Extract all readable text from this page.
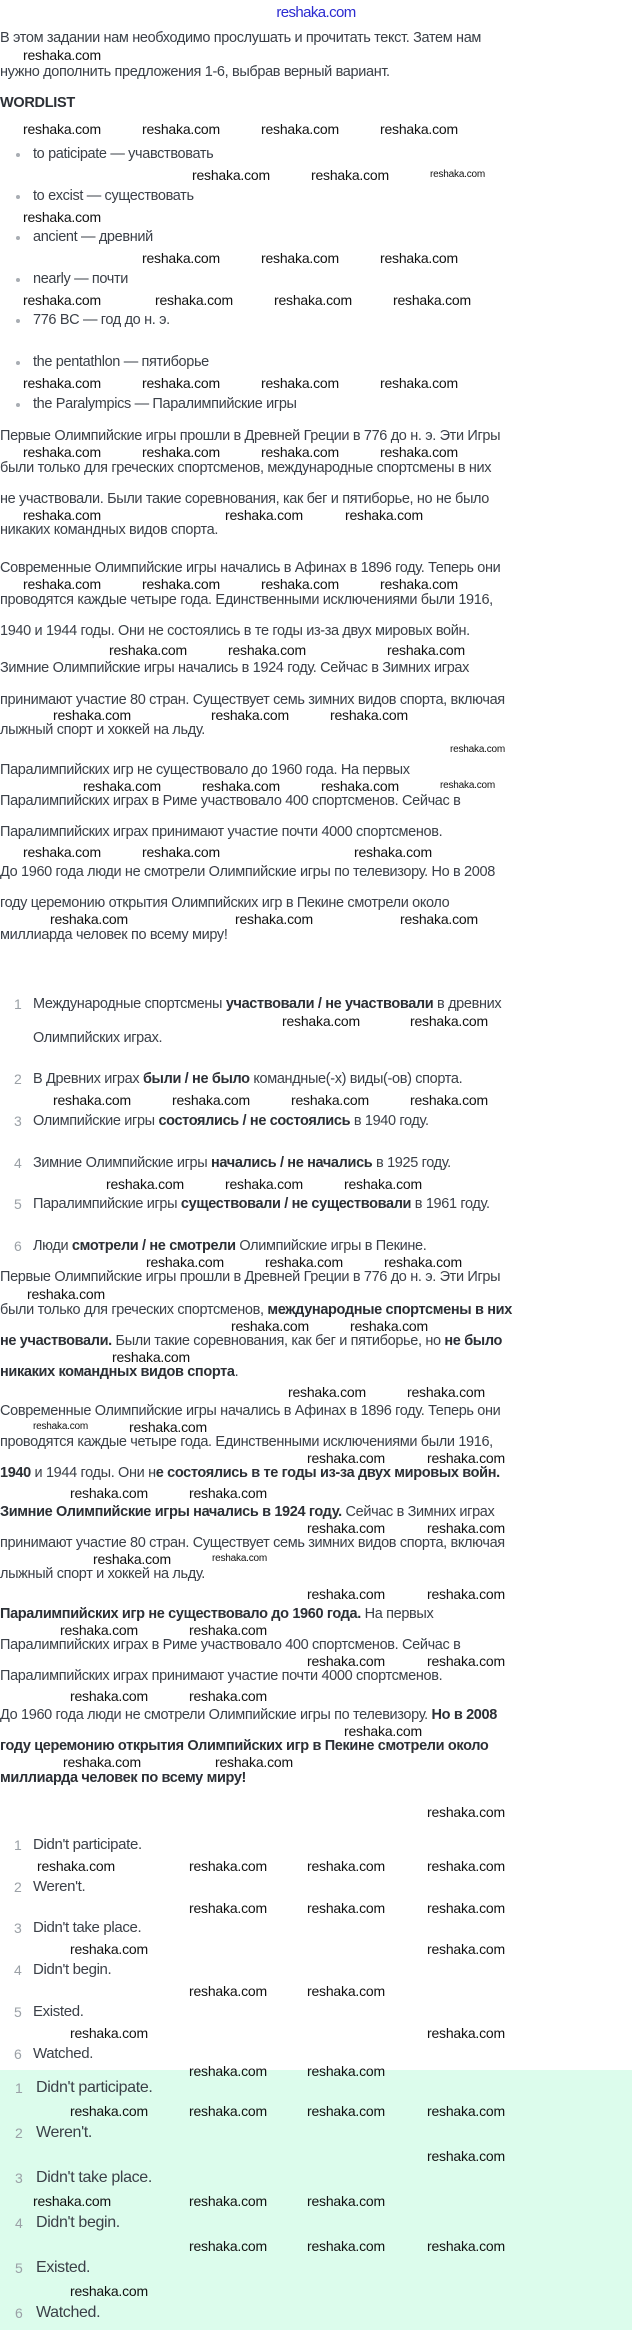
reshaka.com
В этом задании нам необходимо прослушать и прочитать текст. Затем нам
нужно дополнить предложения 1-6, выбрав верный вариант.
WORDLIST
to paticipate — учавствовать
to excist — существовать
ancient — древний
nearly — почти
776 BC — год до н. э.
the pentathlon — пятиборье
the Paralympics — Паралимпийские игры
Первые Олимпийские игры прошли в Древней Греции в 776 до н. э. Эти Игры
были только для греческих спортсменов, международные спортсмены в них
не участвовали. Были такие соревнования, как бег и пятиборье, но не было
никаких командных видов спорта.
Современные Олимпийские игры начались в Афинах в 1896 году. Теперь они
проводятся каждые четыре года. Единственными исключениями были 1916,
1940 и 1944 годы. Они не состоялись в те годы из-за двух мировых войн.
Зимние Олимпийские игры начались в 1924 году. Сейчас в Зимних играх
принимают участие 80 стран. Существует семь зимних видов спорта, включая
лыжный спорт и хоккей на льду.
Паралимпийских игр не существовало до 1960 года. На первых
Паралимпийских играх в Риме участвовало 400 спортсменов. Сейчас в
Паралимпийских играх принимают участие почти 4000 спортсменов.
До 1960 года люди не смотрели Олимпийские игры по телевизору. Но в 2008
году церемонию открытия Олимпийских игр в Пекине смотрели около
миллиарда человек по всему миру!
1 Международные спортсмены участвовали / не участвовали в древних
Олимпийских играх.
2 В Древних играх были / не было командные(-х) виды(-ов) спорта.
3 Олимпийские игры состоялись / не состоялись в 1940 году.
4 Зимние Олимпийские игры начались / не начались в 1925 году.
5 Паралимпийские игры существовали / не существовали в 1961 году.
6 Люди смотрели / не смотрели Олимпийские игры в Пекине.
Первые Олимпийские игры прошли в Древней Греции в 776 до н. э. Эти Игры
были только для греческих спортсменов, международные спортсмены в них
не участвовали. Были такие соревнования, как бег и пятиборье, но не было
никаких командных видов спорта.
Современные Олимпийские игры начались в Афинах в 1896 году. Теперь они
проводятся каждые четыре года. Единственными исключениями были 1916,
1940 и 1944 годы. Они не состоялись в те годы из-за двух мировых войн.
Зимние Олимпийские игры начались в 1924 году. Сейчас в Зимних играх
принимают участие 80 стран. Существует семь зимних видов спорта, включая
лыжный спорт и хоккей на льду.
Паралимпийских игр не существовало до 1960 года. На первых
Паралимпийских играх в Риме участвовало 400 спортсменов. Сейчас в
Паралимпийских играх принимают участие почти 4000 спортсменов.
До 1960 года люди не смотрели Олимпийские игры по телевизору. Но в 2008
году церемонию открытия Олимпийских игр в Пекине смотрели около
миллиарда человек по всему миру!
1 Didn't participate.
2 Weren't.
3 Didn't take place.
4 Didn't begin.
5 Existed.
6 Watched.
1 Didn't participate.
2 Weren't.
3 Didn't take place.
4 Didn't begin.
5 Existed.
6 Watched.
reshaka.com
reshaka.com	reshaka.com	reshaka.com
reshaka.com
reshaka.com	reshaka.com	reshaka.com
reshaka.com
reshaka.com	reshaka.com	reshaka.com
reshaka.com	reshaka.com	reshaka.com	reshaka.com
reshaka.com	reshaka.com	reshaka.com	reshaka.com
reshaka.com	reshaka.com	reshaka.com	reshaka.com
reshaka.com	reshaka.com	reshaka.com
reshaka.com	reshaka.com	reshaka.com	reshaka.com
reshaka.com	reshaka.com	reshaka.com
reshaka.com	reshaka.com	reshaka.com
reshaka.com
reshaka.com	reshaka.com	reshaka.com	reshaka.com
reshaka.com	reshaka.com	reshaka.com
reshaka.com	reshaka.com	reshaka.com
reshaka.com	reshaka.com
reshaka.com	reshaka.com
reshaka.com	reshaka.com
reshaka.com	reshaka.com
reshaka.com
reshaka.com	reshaka.com	reshaka.com
reshaka.com
reshaka.com
reshaka.com
reshaka.com
reshaka.com	reshaka.com
reshaka.com	reshaka.com
reshaka.com	reshaka.com
reshaka.com	reshaka.com
reshaka.com	reshaka.com
reshaka.com	reshaka.com
reshaka.com	reshaka.com
reshaka.com	reshaka.com
reshaka.com	reshaka.com
reshaka.com	reshaka.com
reshaka.com
reshaka.com	reshaka.com
reshaka.com
reshaka.com
reshaka.com	reshaka.com	reshaka.com
reshaka.com
reshaka.com	reshaka.com
reshaka.com	reshaka.com
reshaka.com	reshaka.com
reshaka.com	reshaka.com
reshaka.com	reshaka.com
reshaka.com	reshaka.com
reshaka.com	reshaka.com
reshaka.com
reshaka.com	reshaka.com	reshaka.com
reshaka.com
reshaka.com	reshaka.com
reshaka.com
